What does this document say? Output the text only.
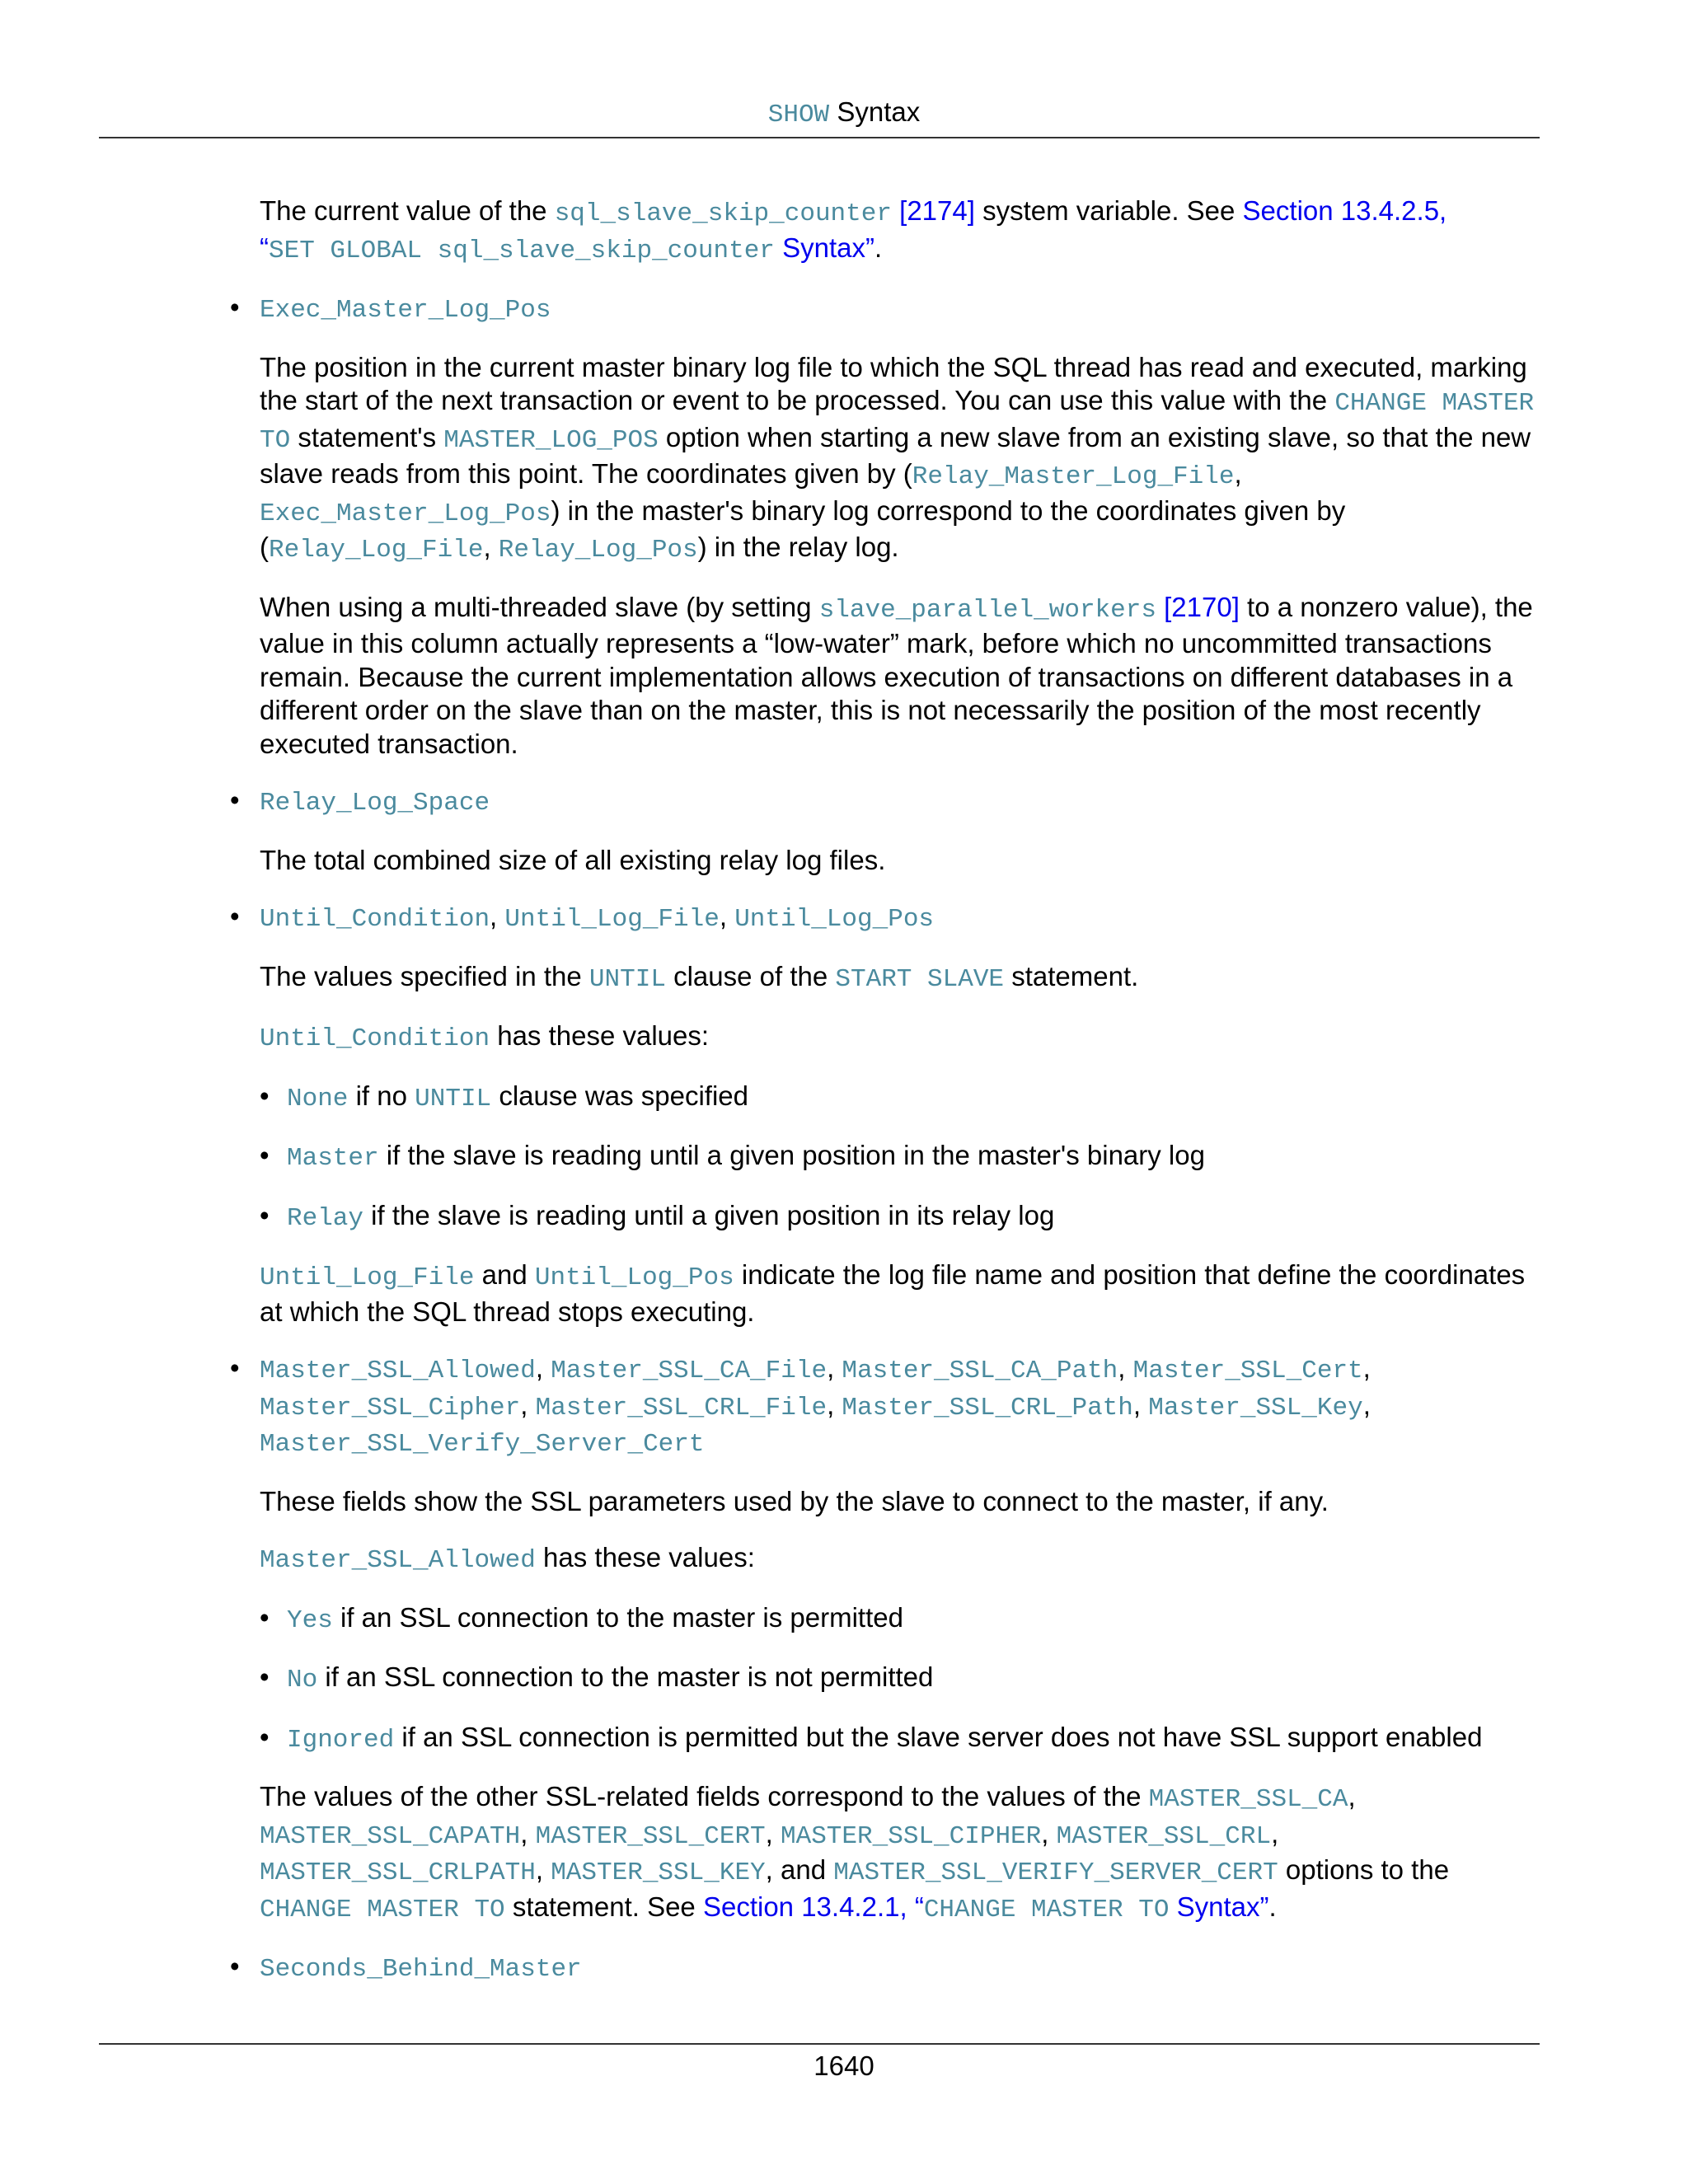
SHOW Syntax

The current value of the sql_slave_skip_counter [2174] system variable. See Section 13.4.2.5,
“SET GLOBAL sql_slave_skip_counter Syntax”.

• Exec_Master_Log_Pos

The position in the current master binary log file to which the SQL thread has read and executed, marking the start of the next transaction or event to be processed. You can use this value with the CHANGE MASTER TO statement's MASTER_LOG_POS option when starting a new slave from an existing slave, so that the new slave reads from this point. The coordinates given by (Relay_Master_Log_File, Exec_Master_Log_Pos) in the master's binary log correspond to the coordinates given by (Relay_Log_File, Relay_Log_Pos) in the relay log.

When using a multi-threaded slave (by setting slave_parallel_workers [2170] to a nonzero value), the value in this column actually represents a “low-water” mark, before which no uncommitted transactions remain. Because the current implementation allows execution of transactions on different databases in a different order on the slave than on the master, this is not necessarily the position of the most recently executed transaction.

• Relay_Log_Space

The total combined size of all existing relay log files.

• Until_Condition, Until_Log_File, Until_Log_Pos

The values specified in the UNTIL clause of the START SLAVE statement.

Until_Condition has these values:

• None if no UNTIL clause was specified
• Master if the slave is reading until a given position in the master's binary log
• Relay if the slave is reading until a given position in its relay log

Until_Log_File and Until_Log_Pos indicate the log file name and position that define the coordinates at which the SQL thread stops executing.

• Master_SSL_Allowed, Master_SSL_CA_File, Master_SSL_CA_Path, Master_SSL_Cert,
Master_SSL_Cipher, Master_SSL_CRL_File, Master_SSL_CRL_Path, Master_SSL_Key,
Master_SSL_Verify_Server_Cert

These fields show the SSL parameters used by the slave to connect to the master, if any.

Master_SSL_Allowed has these values:

• Yes if an SSL connection to the master is permitted
• No if an SSL connection to the master is not permitted
• Ignored if an SSL connection is permitted but the slave server does not have SSL support enabled

The values of the other SSL-related fields correspond to the values of the MASTER_SSL_CA,
MASTER_SSL_CAPATH, MASTER_SSL_CERT, MASTER_SSL_CIPHER, MASTER_SSL_CRL,
MASTER_SSL_CRLPATH, MASTER_SSL_KEY, and MASTER_SSL_VERIFY_SERVER_CERT options to the
CHANGE MASTER TO statement. See Section 13.4.2.1, “CHANGE MASTER TO Syntax”.

• Seconds_Behind_Master
1640
